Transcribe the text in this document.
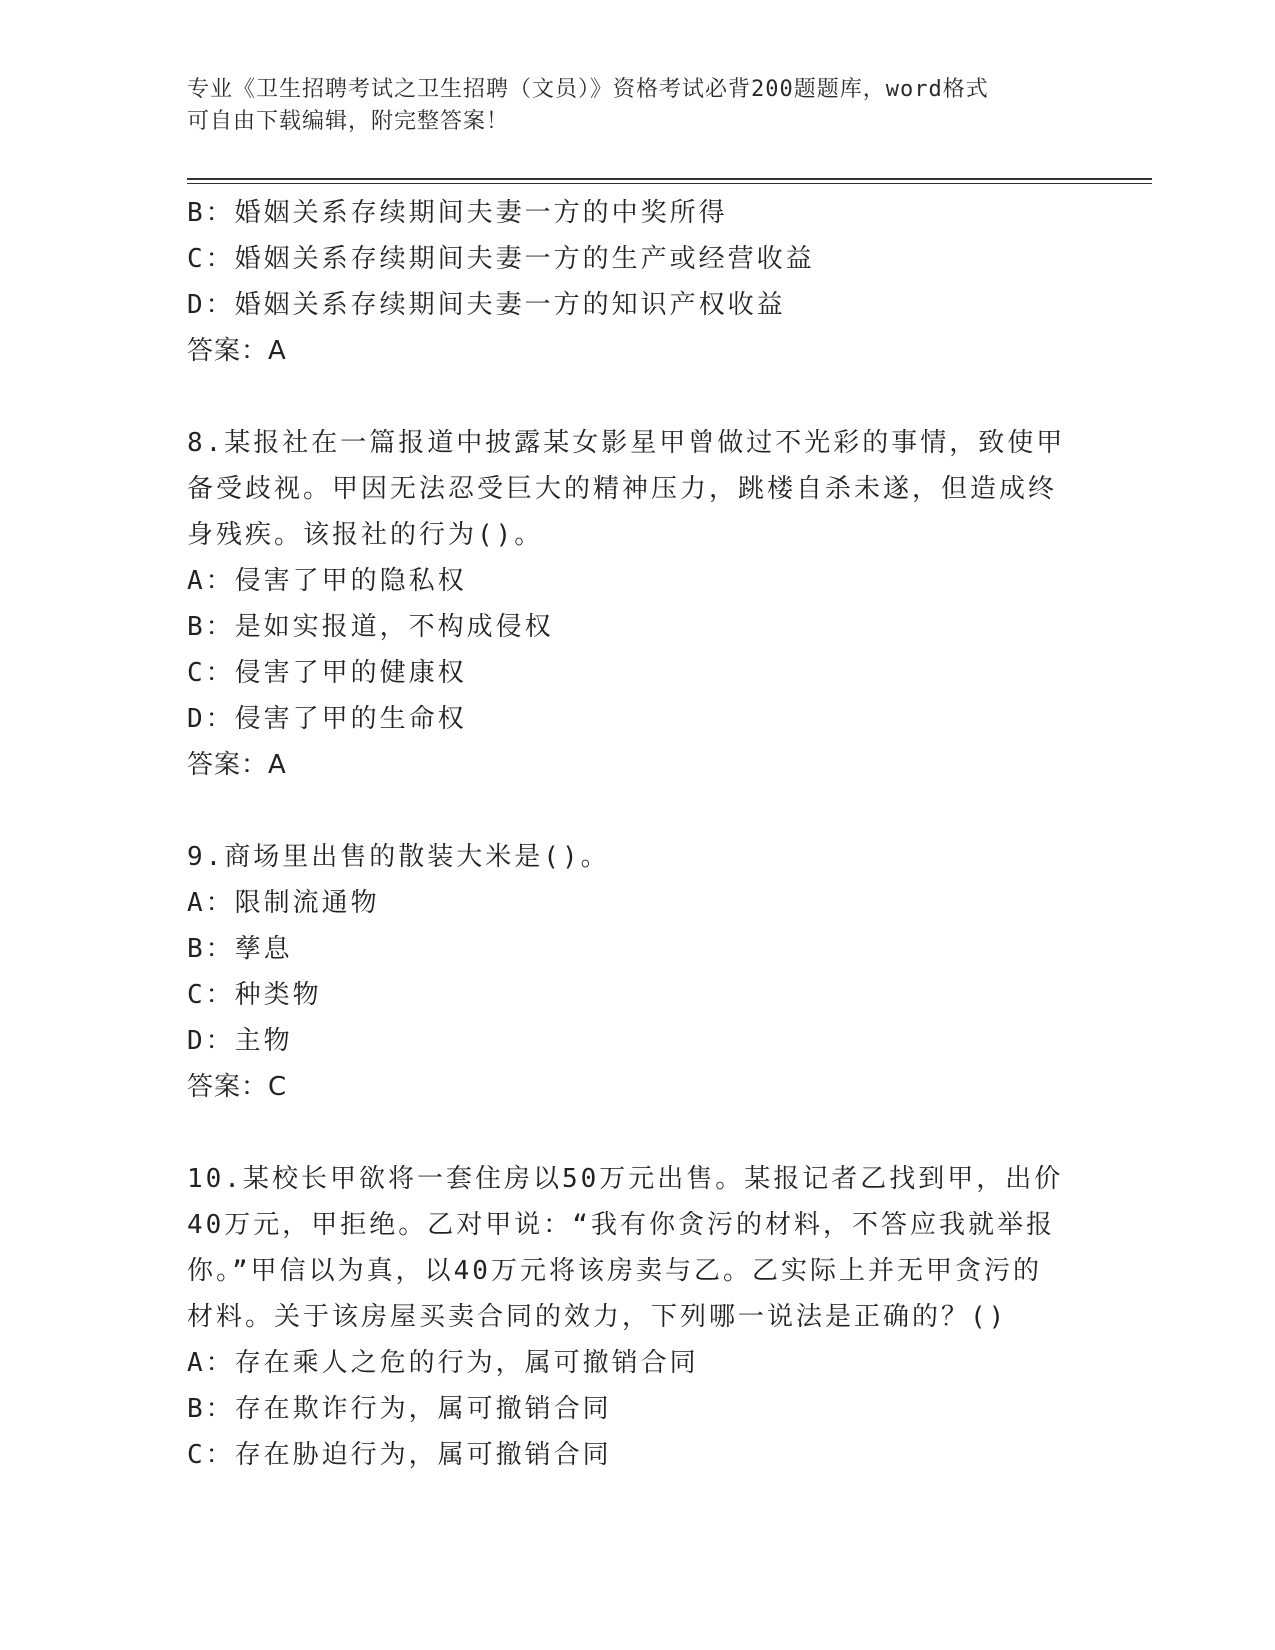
专业《卫生招聘考试之卫生招聘（文员）》资格考试必背200题题库，word格式
可自由下载编辑，附完整答案！
B：婚姻关系存续期间夫妻一方的中奖所得
C：婚姻关系存续期间夫妻一方的生产或经营收益
D：婚姻关系存续期间夫妻一方的知识产权收益
答案：A
8.某报社在一篇报道中披露某女影星甲曾做过不光彩的事情，致使甲
备受歧视。甲因无法忍受巨大的精神压力，跳楼自杀未遂，但造成终
身残疾。该报社的行为()。
A：侵害了甲的隐私权
B：是如实报道，不构成侵权
C：侵害了甲的健康权
D：侵害了甲的生命权
答案：A
9.商场里出售的散装大米是()。
A：限制流通物
B：孳息
C：种类物
D：主物
答案：C
10.某校长甲欲将一套住房以50万元出售。某报记者乙找到甲，出价
40万元，甲拒绝。乙对甲说：“我有你贪污的材料，不答应我就举报
你。”甲信以为真，以40万元将该房卖与乙。乙实际上并无甲贪污的
材料。关于该房屋买卖合同的效力，下列哪一说法是正确的？()
A：存在乘人之危的行为，属可撤销合同
B：存在欺诈行为，属可撤销合同
C：存在胁迫行为，属可撤销合同
